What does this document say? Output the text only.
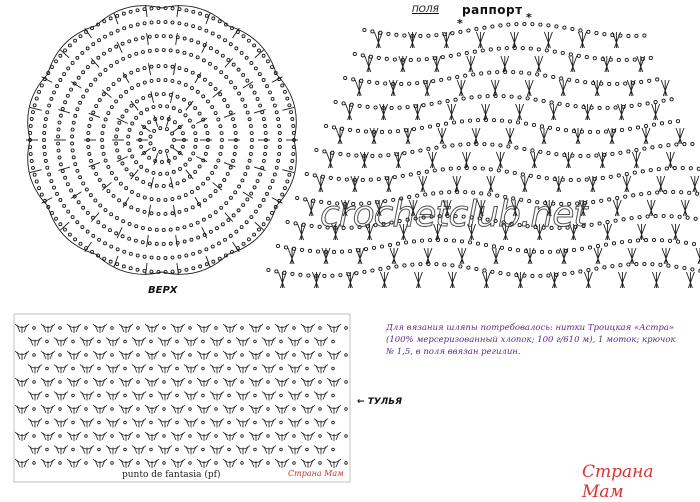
ВЕРХ
ПОЛЯ раппорт
*	*
crochetclub.net
Для вязания шляпы потребовалось: нитки Троицкая «Астра» (100% мерсеризованный хлопок; 100 г/610 м), 1 моток; крючок № 1,5, в поля ввязан регилин.
← ТУЛЬЯ
punto de fantasia (pf)	Страна Мам	Страна Мам
